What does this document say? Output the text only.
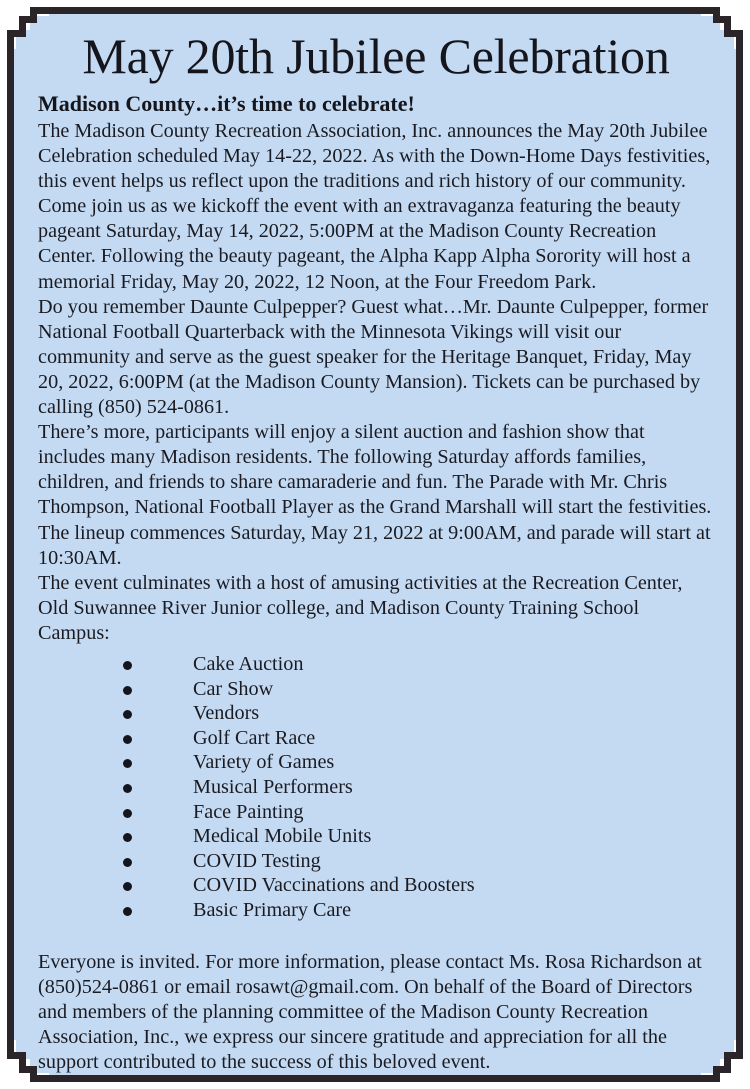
May 20th Jubilee Celebration
Madison County…it’s time to celebrate!

The Madison County Recreation Association, Inc. announces the May 20th Jubilee Celebration scheduled May 14-22, 2022. As with the Down-Home Days festivities, this event helps us reflect upon the traditions and rich history of our community. Come join us as we kickoff the event with an extravaganza featuring the beauty pageant Saturday, May 14, 2022, 5:00PM at the Madison County Recreation Center. Following the beauty pageant, the Alpha Kapp Alpha Sorority will host a memorial Friday, May 20, 2022, 12 Noon, at the Four Freedom Park.

Do you remember Daunte Culpepper? Guest what…Mr. Daunte Culpepper, former National Football Quarterback with the Minnesota Vikings will visit our community and serve as the guest speaker for the Heritage Banquet, Friday, May 20, 2022, 6:00PM (at the Madison County Mansion). Tickets can be purchased by calling (850) 524-0861.

There’s more, participants will enjoy a silent auction and fashion show that includes many Madison residents. The following Saturday affords families, children, and friends to share camaraderie and fun. The Parade with Mr. Chris Thompson, National Football Player as the Grand Marshall will start the festivities. The lineup commences Saturday, May 21, 2022 at 9:00AM, and parade will start at 10:30AM.

The event culminates with a host of amusing activities at the Recreation Center, Old Suwannee River Junior college, and Madison County Training School Campus:

Cake Auction
Car Show
Vendors
Golf Cart Race
Variety of Games
Musical Performers
Face Painting
Medical Mobile Units
COVID Testing
COVID Vaccinations and Boosters
Basic Primary Care

Everyone is invited. For more information, please contact Ms. Rosa Richardson at (850)524-0861 or email rosawt@gmail.com. On behalf of the Board of Directors and members of the planning committee of the Madison County Recreation Association, Inc., we express our sincere gratitude and appreciation for all the support contributed to the success of this beloved event.
